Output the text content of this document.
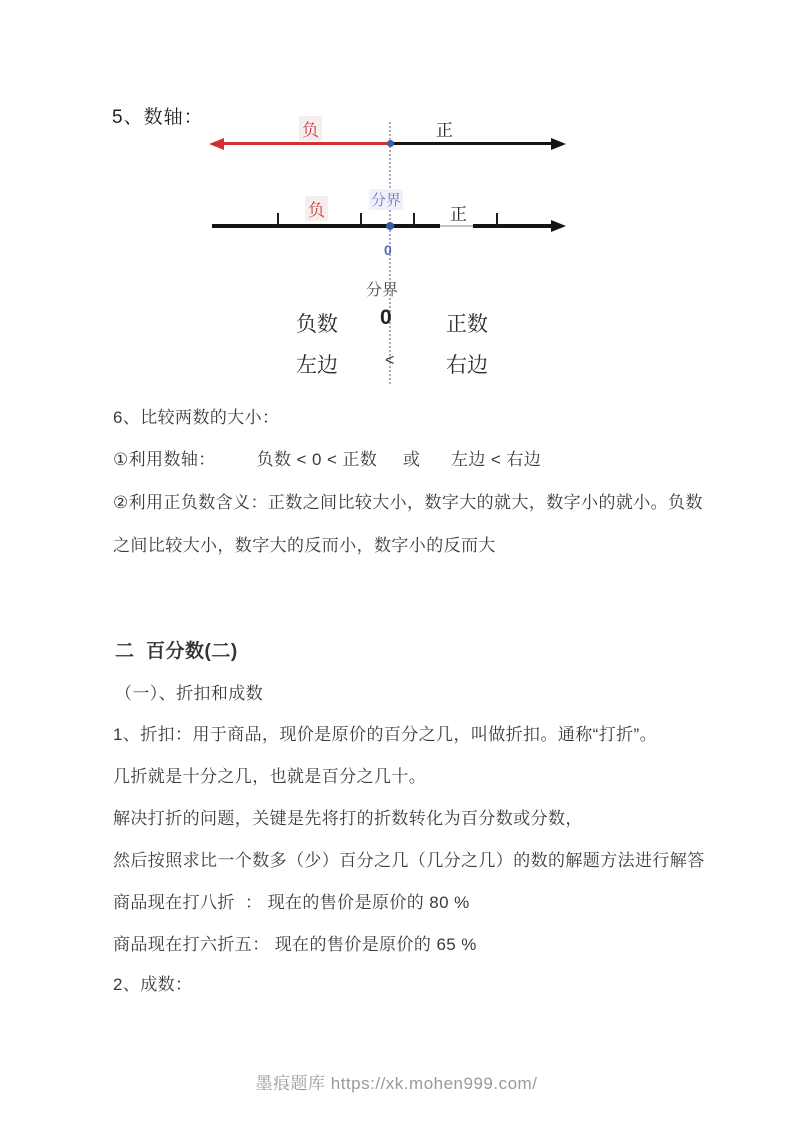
5、数轴：
负	正
负
分界
正
0
分界
负数 0	正数
左边	< 右边
6、比较两数的大小：
①利用数轴：        负数 < 0 < 正数     或      左边 < 右边
②利用正负数含义：正数之间比较大小，数字大的就大，数字小的就小。负数
之间比较大小，数字大的反而小，数字小的反而大
二  百分数(二)
（一）、折扣和成数
1、折扣：用于商品，现价是原价的百分之几，叫做折扣。通称“打折”。
几折就是十分之几，也就是百分之几十。
解决打折的问题，关键是先将打的折数转化为百分数或分数，
然后按照求比一个数多（少）百分之几（几分之几）的数的解题方法进行解答
商品现在打八折  ： 现在的售价是原价的 80 %
商品现在打六折五： 现在的售价是原价的 65 %
2、成数：
墨痕题库 https://xk.mohen999.com/
